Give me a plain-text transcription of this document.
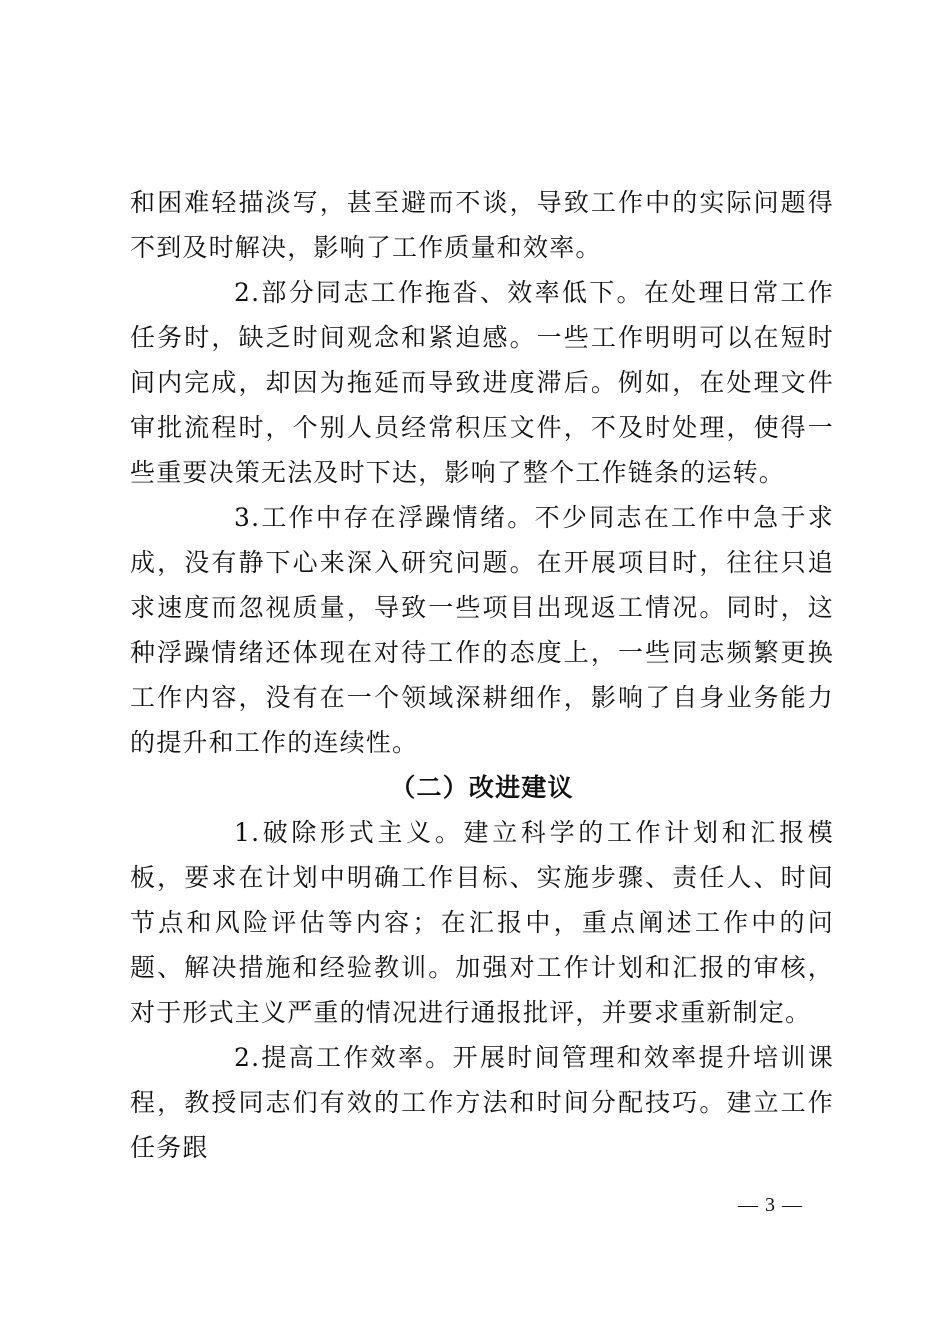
和困难轻描淡写，甚至避而不谈，导致工作中的实际问题得不到及时解决，影响了工作质量和效率。

2.部分同志工作拖沓、效率低下。在处理日常工作任务时，缺乏时间观念和紧迫感。一些工作明明可以在短时间内完成，却因为拖延而导致进度滞后。例如，在处理文件审批流程时，个别人员经常积压文件，不及时处理，使得一些重要决策无法及时下达，影响了整个工作链条的运转。

3.工作中存在浮躁情绪。不少同志在工作中急于求成，没有静下心来深入研究问题。在开展项目时，往往只追求速度而忽视质量，导致一些项目出现返工情况。同时，这种浮躁情绪还体现在对待工作的态度上，一些同志频繁更换工作内容，没有在一个领域深耕细作，影响了自身业务能力的提升和工作的连续性。

（二）改进建议

1.破除形式主义。建立科学的工作计划和汇报模板，要求在计划中明确工作目标、实施步骤、责任人、时间节点和风险评估等内容；在汇报中，重点阐述工作中的问题、解决措施和经验教训。加强对工作计划和汇报的审核，对于形式主义严重的情况进行通报批评，并要求重新制定。

2.提高工作效率。开展时间管理和效率提升培训课程，教授同志们有效的工作方法和时间分配技巧。建立工作任务跟

— 3 —
